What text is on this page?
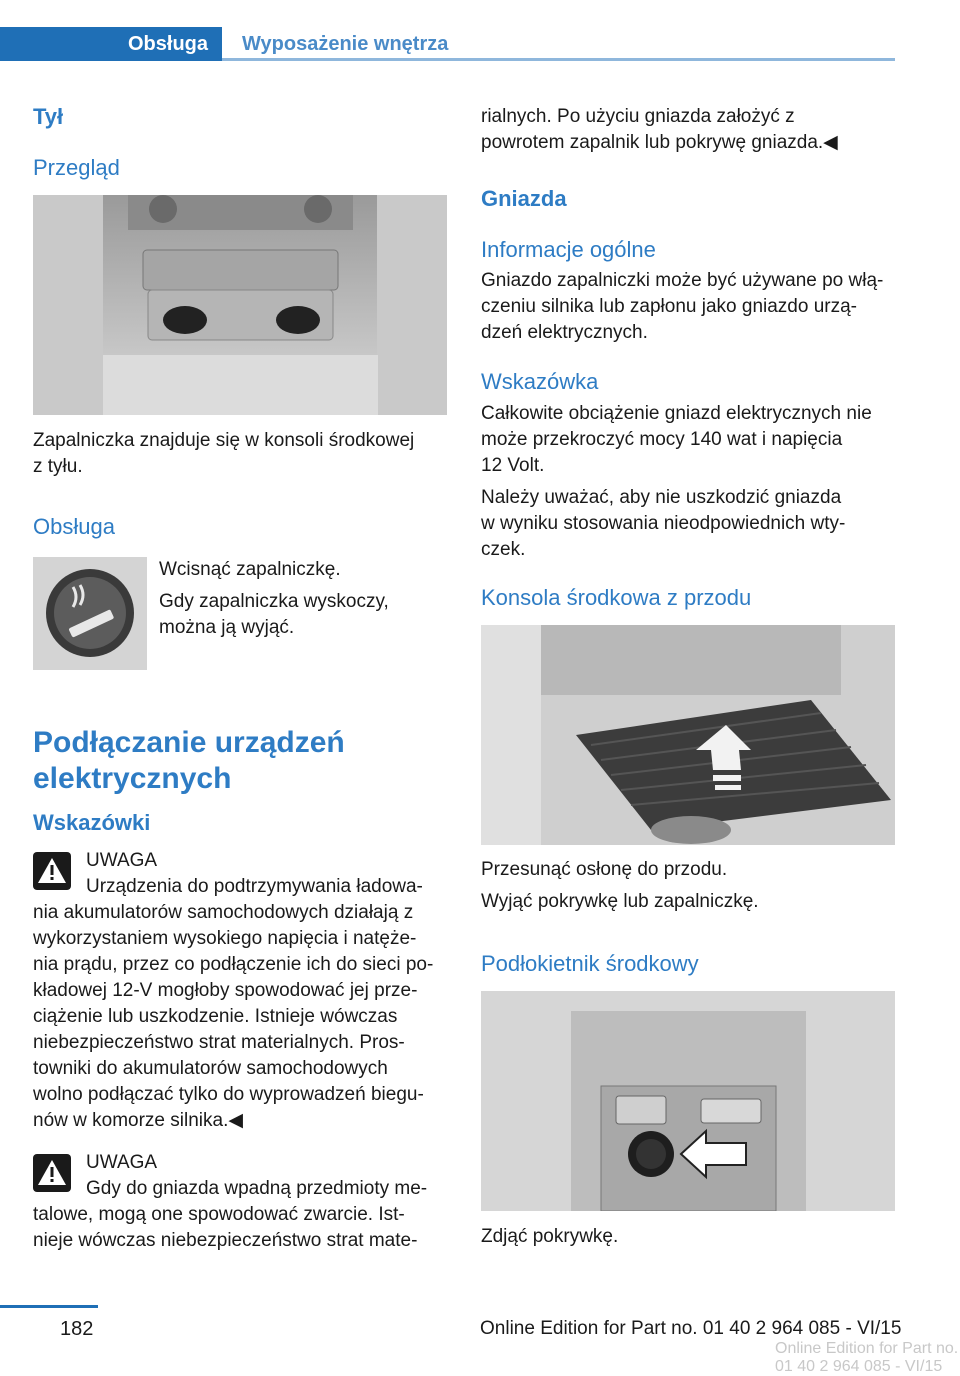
Obsługa Wyposażenie wnętrza
Tył
Przegląd
Zapalniczka znajduje się w konsoli środkowej
z tyłu.
Obsługa
Wcisnąć zapalniczkę.
Gdy zapalniczka wyskoczy,
można ją wyjąć.
Podłączanie urządzeń
elektrycznych
Wskazówki
UWAGA
Urządzenia do podtrzymywania ładowa-
nia akumulatorów samochodowych działają z
wykorzystaniem wysokiego napięcia i natęże-
nia prądu, przez co podłączenie ich do sieci po-
kładowej 12-V mogłoby spowodować jej prze-
ciążenie lub uszkodzenie. Istnieje wówczas
niebezpieczeństwo strat materialnych. Pros-
towniki do akumulatorów samochodowych
wolno podłączać tylko do wyprowadzeń biegu-
nów w komorze silnika.◀
UWAGA
Gdy do gniazda wpadną przedmioty me-
talowe, mogą one spowodować zwarcie. Ist-
nieje wówczas niebezpieczeństwo strat mate-
rialnych. Po użyciu gniazda założyć z
powrotem zapalnik lub pokrywę gniazda.◀
Gniazda
Informacje ogólne
Gniazdo zapalniczki może być używane po włą-
czeniu silnika lub zapłonu jako gniazdo urzą-
dzeń elektrycznych.
Wskazówka
Całkowite obciążenie gniazd elektrycznych nie
może przekroczyć mocy 140 wat i napięcia
12 Volt.
Należy uważać, aby nie uszkodzić gniazda
w wyniku stosowania nieodpowiednich wty-
czek.
Konsola środkowa z przodu
Przesunąć osłonę do przodu.
Wyjąć pokrywkę lub zapalniczkę.
Podłokietnik środkowy
Zdjąć pokrywkę.
182	Online Edition for Part no. 01 40 2 964 085 - VI/15
Online Edition for Part no. 01 40 2 964 085 - VI/15
